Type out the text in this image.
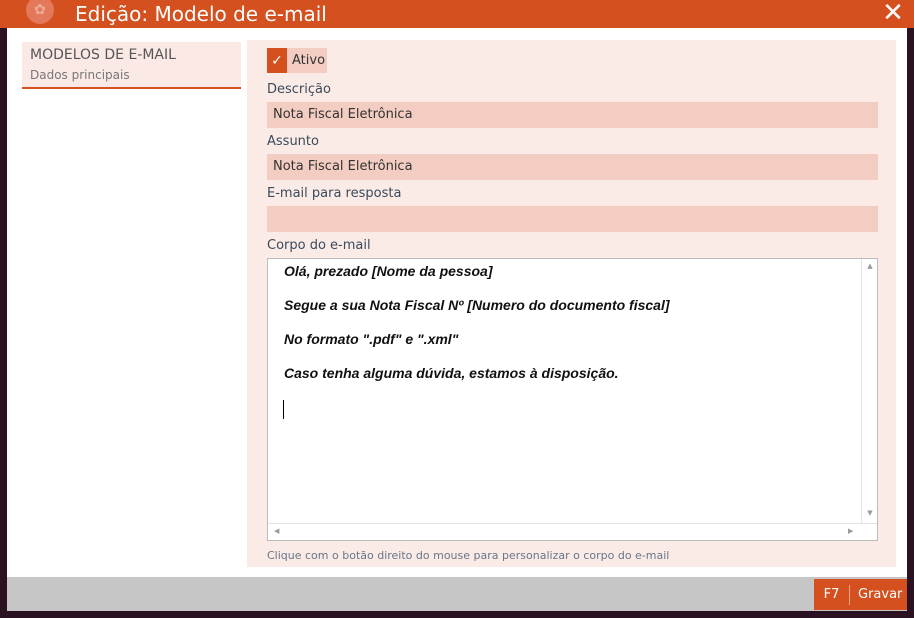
✿	Edição: Modelo de e-mail	✕
MODELOS DE E-MAIL
Dados principais
✓ Ativo
Descrição
Nota Fiscal Eletrônica
Assunto
Nota Fiscal Eletrônica
E-mail para resposta
Corpo do e-mail

Olá, prezado [Nome da pessoa]

Segue a sua Nota Fiscal Nº [Numero do documento fiscal]

No formato ".pdf" e ".xml"

Caso tenha alguma dúvida, estamos à disposição.

▲
▼
◀	▶
Clique com o botão direito do mouse para personalizar o corpo do e-mail
F7	Gravar
